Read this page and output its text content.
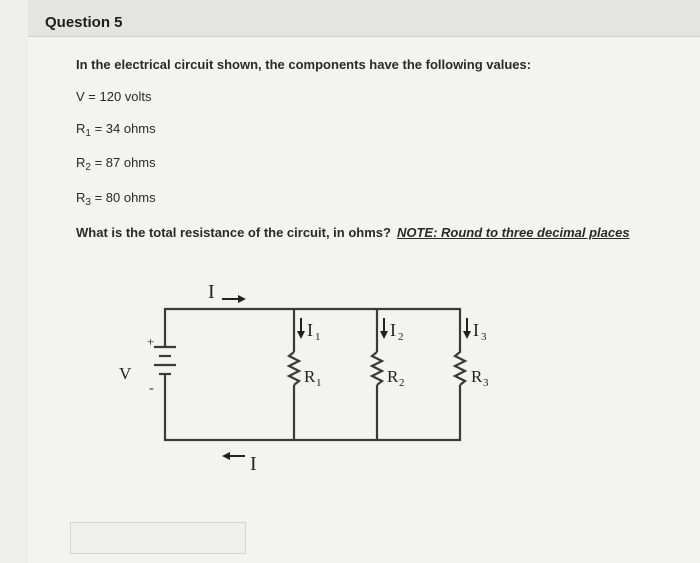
Question 5
In the electrical circuit shown, the components have the following values:
V = 120 volts
$R_1 = 34$ ohms
$R_2 = 87$ ohms
$R_3 = 80$ ohms
What is the total resistance of the circuit, in ohms? NOTE: Round to three decimal places
I
I
V
+
-
I 1	I 2	I 3
R 1	R 2	R 3
